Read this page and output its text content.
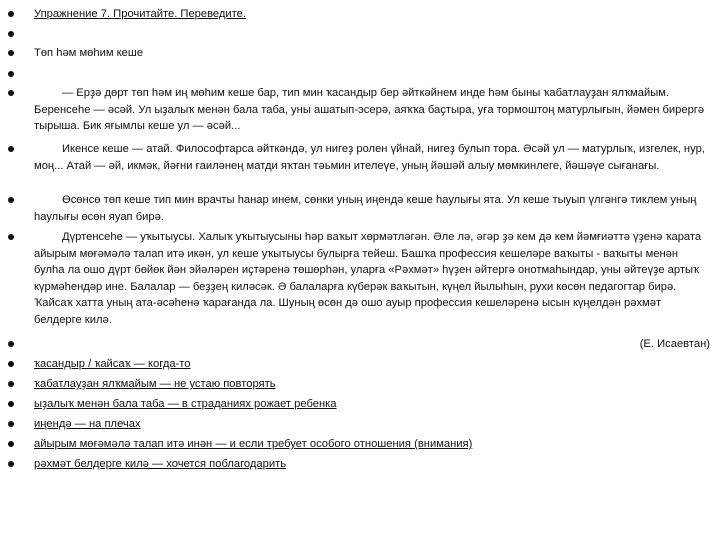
Упражнение 7. Прочитайте. Переведите.
Төп һәм мөһим кеше
— Ерҙә дөрт төп һәм иң мөһим кеше бар, тип мин ҡасандыр бер әйткәйнем инде һәм быны ҡабатлауҙан ялҡмайым. Беренсеһе — әсәй. Ул ыҙалыҡ менән бала таба, уны ашатып-эсерә, аяҡҡа баҫтыра, уға тормоштоң матурлығын, йәмен бирергә тырыша. Бик яғымлы кеше ул — әсәй...
Икенсе кеше — атай. Философтарса әйткәндә, ул нигеҙ ролен үйнай, нигеҙ булып тора. Әсәй ул — матурлыҡ, изгелек, нур, моң... Атай — әй, икмәк, йәғни ғаиләнең матди яҡтан тәьмин ителеүе, уның йәшәй алыу мөмкинлеге, йәшәүе сығанағы.
Өсөнсө төп кеше тип мин врачты һанар инем, сөнки уның иңендә кеше һаулығы ята. Ул кеше тыуып үлгәнгә тиклем уның һаулығы өсөн яуап бирә.
Дүртенсеһе — уҡытыусы. Халыҡ уҡытыусыны һәр ваҡыт хөрмәтләгән. Әле лә, әгәр ҙә кем дә кем йәмғиәттә үҙенә ҡарата айырым мөғәмәлә талап итә икән, ул кеше уҡытыусы булырға тейеш. Башҡа профессия кешеләре ваҡыты - ваҡыты менән булһа ла ошо дүрт бөйөк йән эйәләрен иҫтәренә төшөрһән, уларға «Рәхмәт» һүҙен әйтергә онотмаһындар, уны әйтеүҙе артыҡ күрмәһендәр ине. Балалар — беҙҙең киләсәк. Ә балаларға күберәк ваҡытын, күңел йылыһын, рухи көсөн педагогтар бирә. Ҡайсаҡ хатта уның ата-әсәһенә ҡарағанда ла. Шуның өсөн дә ошо ауыр профессия кешеләренә ысын күңелдән рәхмәт белдерге килә.
(Е. Исаевтан)
ҡасандыр / ҡайсаҡ — когда-то
ҡабатлауҙан ялҡмайым — не устаю повторять
ыҙалыҡ менән бала таба — в страданиях рожает ребенка
иңендә — на плечах
айырым мөғәмәлә талап итә инән — и если требует особого отношения (внимания)
рәхмәт белдерге килә — хочется поблагодарить
